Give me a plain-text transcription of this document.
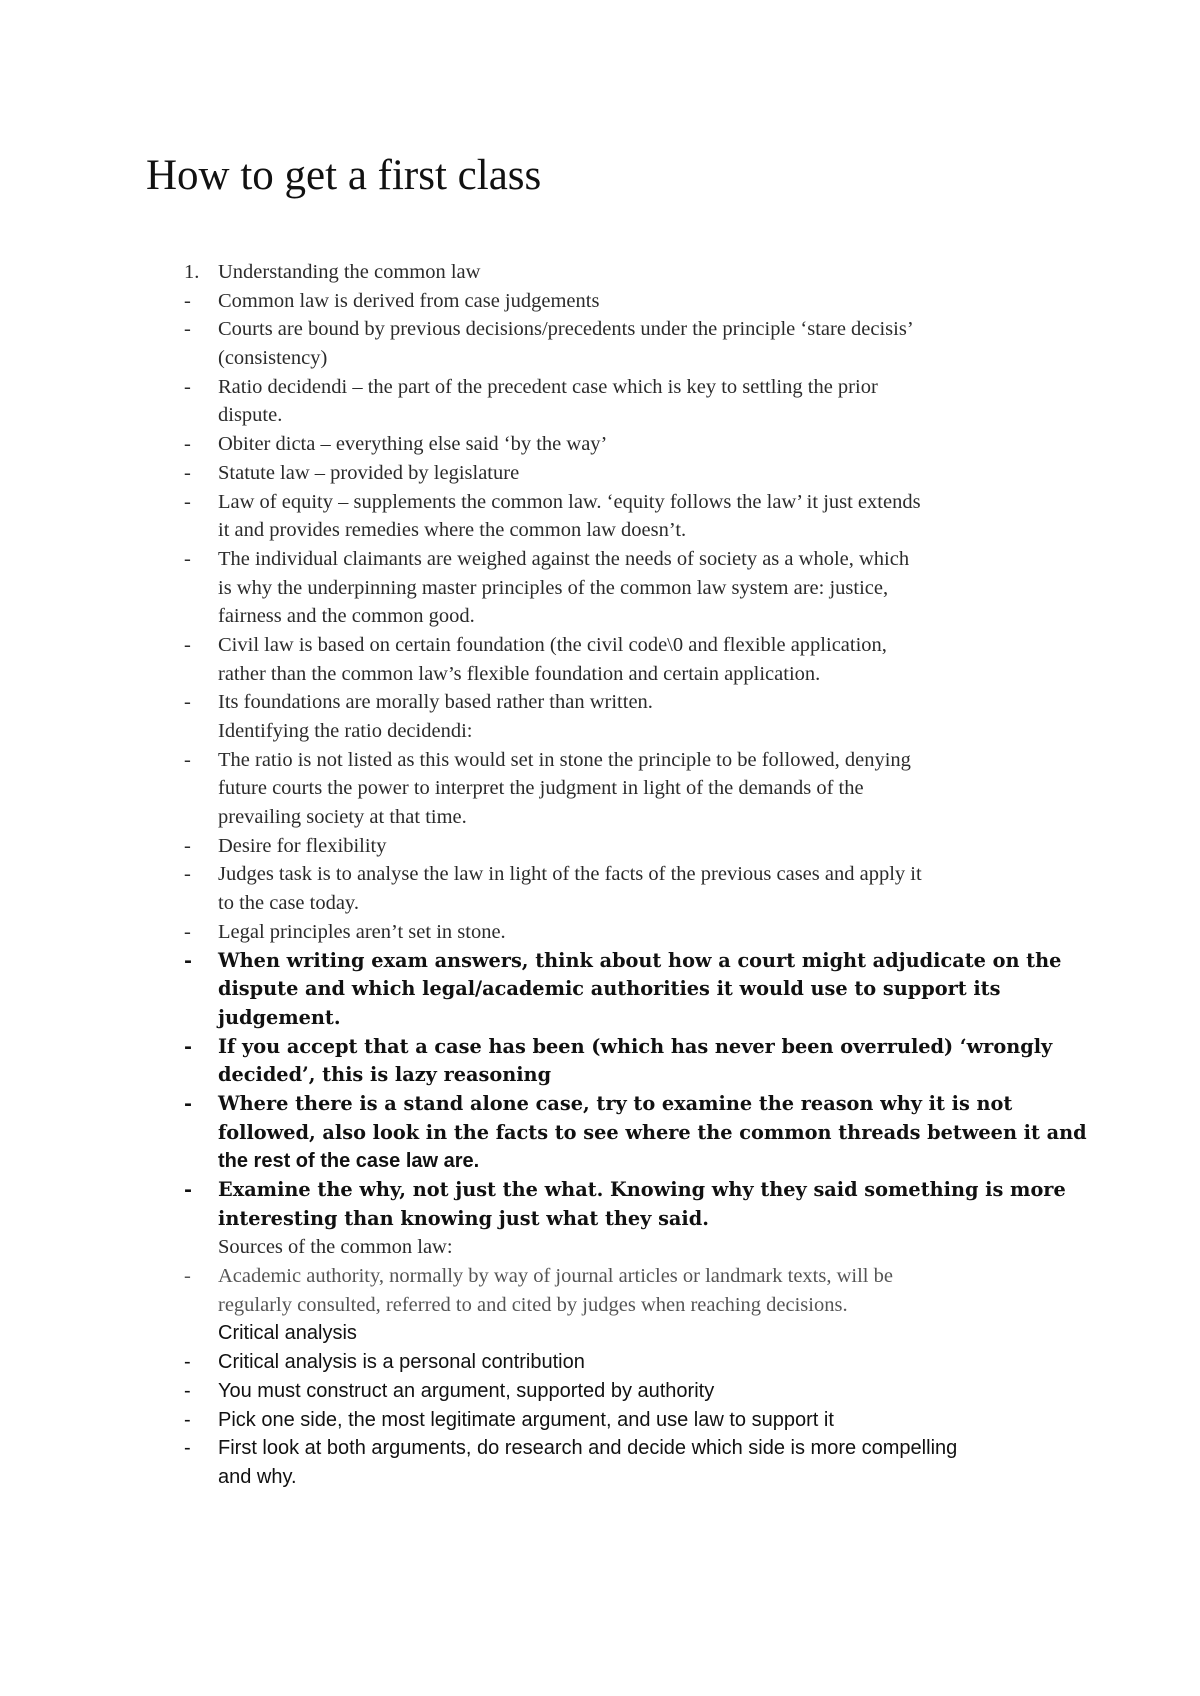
How to get a first class
1. Understanding the common law
-	Common law is derived from case judgements
-	Courts are bound by previous decisions/precedents under the principle ‘stare decisis’
(consistency)
-	Ratio decidendi – the part of the precedent case which is key to settling the prior
dispute.
-	Obiter dicta – everything else said ‘by the way’
-	Statute law – provided by legislature
-	Law of equity – supplements the common law. ‘equity follows the law’ it just extends
it and provides remedies where the common law doesn’t.
-	The individual claimants are weighed against the needs of society as a whole, which
is why the underpinning master principles of the common law system are: justice,
fairness and the common good.
-	Civil law is based on certain foundation (the civil code\0 and flexible application,
rather than the common law’s flexible foundation and certain application.
-	Its foundations are morally based rather than written.
Identifying the ratio decidendi:
-	The ratio is not listed as this would set in stone the principle to be followed, denying
future courts the power to interpret the judgment in light of the demands of the
prevailing society at that time.
-	Desire for flexibility
-	Judges task is to analyse the law in light of the facts of the previous cases and apply it
to the case today.
-	Legal principles aren’t set in stone.
-	When writing exam answers, think about how a court might adjudicate on the
dispute and which legal/academic authorities it would use to support its
judgement.
-	If you accept that a case has been (which has never been overruled) ‘wrongly
decided’, this is lazy reasoning
-	Where there is a stand alone case, try to examine the reason why it is not
followed, also look in the facts to see where the common threads between it and
the rest of the case law are.
-	Examine the why, not just the what. Knowing why they said something is more
interesting than knowing just what they said.
Sources of the common law:
-	Academic authority, normally by way of journal articles or landmark texts, will be
regularly consulted, referred to and cited by judges when reaching decisions.
Critical analysis
-	Critical analysis is a personal contribution
-	You must construct an argument, supported by authority
-	Pick one side, the most legitimate argument, and use law to support it
-	First look at both arguments, do research and decide which side is more compelling
and why.
